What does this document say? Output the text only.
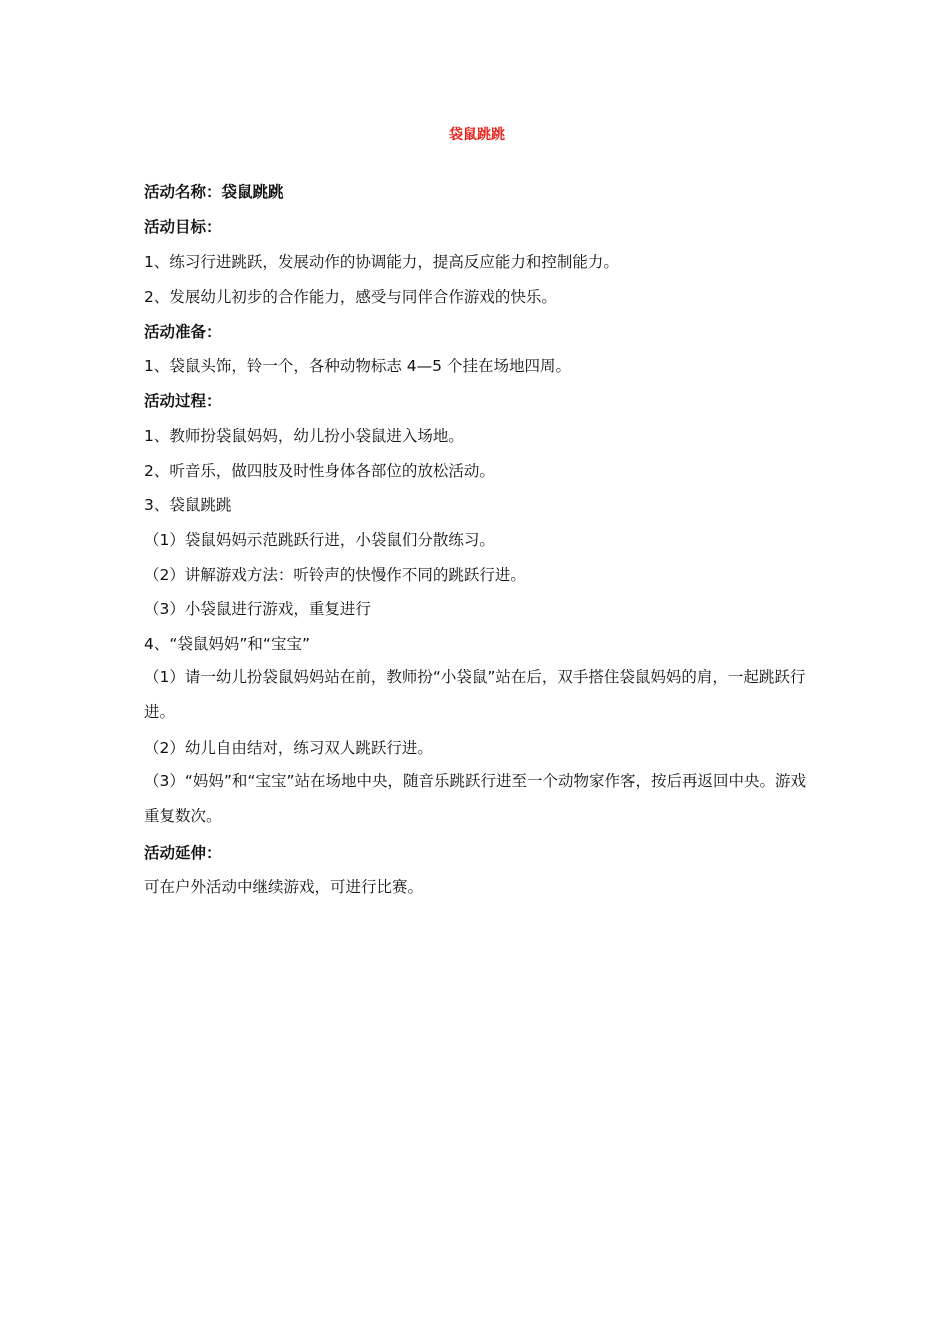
袋鼠跳跳
活动名称：袋鼠跳跳
活动目标：
1、练习行进跳跃，发展动作的协调能力，提高反应能力和控制能力。
2、发展幼儿初步的合作能力，感受与同伴合作游戏的快乐。
活动准备：
1、袋鼠头饰，铃一个，各种动物标志 4—5 个挂在场地四周。
活动过程：
1、教师扮袋鼠妈妈，幼儿扮小袋鼠进入场地。
2、听音乐，做四肢及时性身体各部位的放松活动。
3、袋鼠跳跳
（1）袋鼠妈妈示范跳跃行进，小袋鼠们分散练习。
（2）讲解游戏方法：听铃声的快慢作不同的跳跃行进。
（3）小袋鼠进行游戏，重复进行
4、“袋鼠妈妈”和“宝宝”
（1）请一幼儿扮袋鼠妈妈站在前，教师扮“小袋鼠”站在后，双手搭住袋鼠妈妈的肩，一起跳跃行进。
（2）幼儿自由结对，练习双人跳跃行进。
（3）“妈妈”和“宝宝”站在场地中央，随音乐跳跃行进至一个动物家作客，按后再返回中央。游戏重复数次。
活动延伸：
可在户外活动中继续游戏，可进行比赛。
